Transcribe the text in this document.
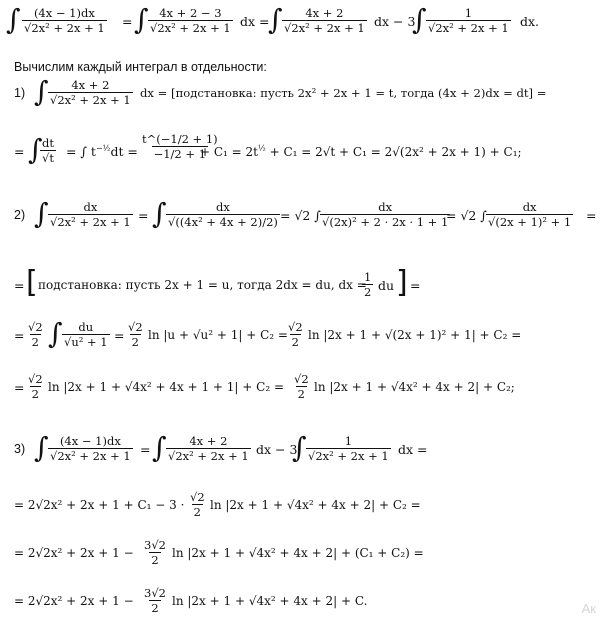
∫ $\frac{(4x - 1)dx}{\text{√2x² + 2x + 1}}$ = ∫ $\frac{4x + 2 - 3}{\text{√2x² + 2x + 1}}$ dx =
∫ $\frac{4x + 2}{\text{√2x² + 2x + 1}}$ dx − 3
∫ $\frac{1}{\text{√2x² + 2x + 1}}$ dx.
Вычислим каждый интеграл в отдельности:
1) ∫ $\frac{4x + 2}{\text{√2x² + 2x + 1}}$ dx = [подстановка: пусть 2x² + 2x + 1 = t, тогда (4x + 2)dx = dt] =
= ∫
$\frac{dt}{√t}$ = ∫ $t^{-\frac{1}{2}}dt = \frac{t\^{}(-1/2 + 1)}{-1/2 + 1}$
+ $C_1 = 2t^{\frac{1}{2}} + C_1 = 2√t + C_1 = 2√(2x^2 + 2x + 1) + C_1$;
2) ∫ $\frac{dx}{\text{√2x² + 2x + 1}}$ = ∫ $\frac{dx}{\text{√((4x² + 4x + 2)/2)}} = √2$ ∫ $\frac{dx}{\text{√(2x)² + 2 · 2x · 1 + 1}}$
= √2 ∫ $\frac{dx}{\text{√(2x + 1)² + 1}}$ =
= [ подстановка: пусть 2x + 1 = u, тогда 2dx = du, dx =
$\frac{1}{2}$ du ] =
= $\frac{√2}{2}$ ∫ $\frac{du}{\text{√u² + 1}} = \frac{√2}{2}$ ln |u + √u² + 1| + C₂ =
$\frac{√2}{2}$ ln |2x + 1 + √(2x + 1)² + 1| + C₂ =
= $\frac{√2}{2}$ $\ln |2x + 1 + √4x^2 + 4x + 1 + 1| + C_2 = \frac{√2}{2}$ ln |2x + 1 + √4x² + 4x + 2| + C₂;
3) ∫ $\frac{(4x - 1)dx}{\text{√2x² + 2x + 1}}$ = ∫ $\frac{4x + 2}{\text{√2x² + 2x + 1}}$ dx − 3
∫ $\frac{1}{\text{√2x² + 2x + 1}}$ dx =
= $2√2x^2 + 2x + 1 + C_1 - 3 \cdot \frac{√2}{2}$ ln |2x + 1 + √4x² + 4x + 2| + C₂ =
= $2√2x^2 + 2x + 1 - \frac{3√2}{2}$ ln |2x + 1 + √4x² + 4x + 2| + (C₁ + C₂) =
= $2√2x^2 + 2x + 1 - \frac{3√2}{2}$ ln |2x + 1 + √4x² + 4x + 2| + C.	Ак
